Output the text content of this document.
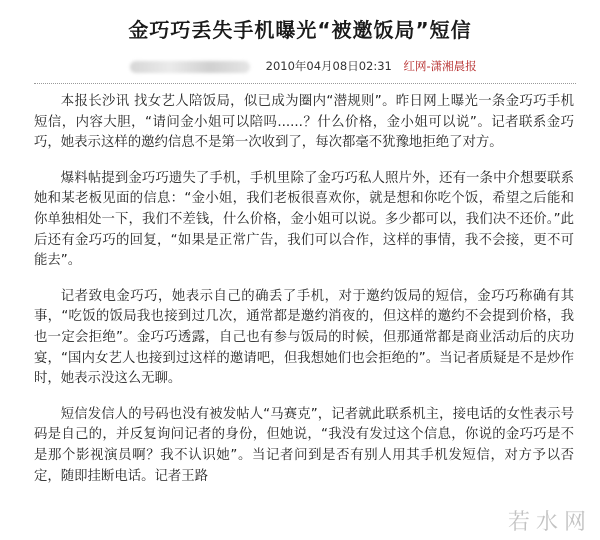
金巧巧丢失手机曝光“被邀饭局”短信
2010年04月08日02:31 红网-潇湘晨报

本报长沙讯 找女艺人陪饭局，似已成为圈内“潜规则”。昨日网上曝光一条金巧巧手机短信，内容大胆，“请问金小姐可以陪吗......？什么价格，金小姐可以说”。记者联系金巧巧，她表示这样的邀约信息不是第一次收到了，每次都毫不犹豫地拒绝了对方。

爆料帖提到金巧巧遗失了手机，手机里除了金巧巧私人照片外，还有一条中介想要联系她和某老板见面的信息：“金小姐，我们老板很喜欢你，就是想和你吃个饭，希望之后能和你单独相处一下，我们不差钱，什么价格，金小姐可以说。多少都可以，我们决不还价。”此后还有金巧巧的回复，“如果是正常广告，我们可以合作，这样的事情，我不会接，更不可能去”。

记者致电金巧巧，她表示自己的确丢了手机，对于邀约饭局的短信，金巧巧称确有其事，“吃饭的饭局我也接到过几次，通常都是邀约消夜的，但这样的邀约不会提到价格，我也一定会拒绝”。金巧巧透露，自己也有参与饭局的时候，但那通常都是商业活动后的庆功宴，“国内女艺人也接到过这样的邀请吧，但我想她们也会拒绝的”。当记者质疑是不是炒作时，她表示没这么无聊。

短信发信人的号码也没有被发帖人“马赛克”，记者就此联系机主，接电话的女性表示号码是自己的，并反复询问记者的身份，但她说，“我没有发过这个信息，你说的金巧巧是不是那个影视演员啊？我不认识她”。当记者问到是否有别人用其手机发短信，对方予以否定，随即挂断电话。记者王路

若水网
